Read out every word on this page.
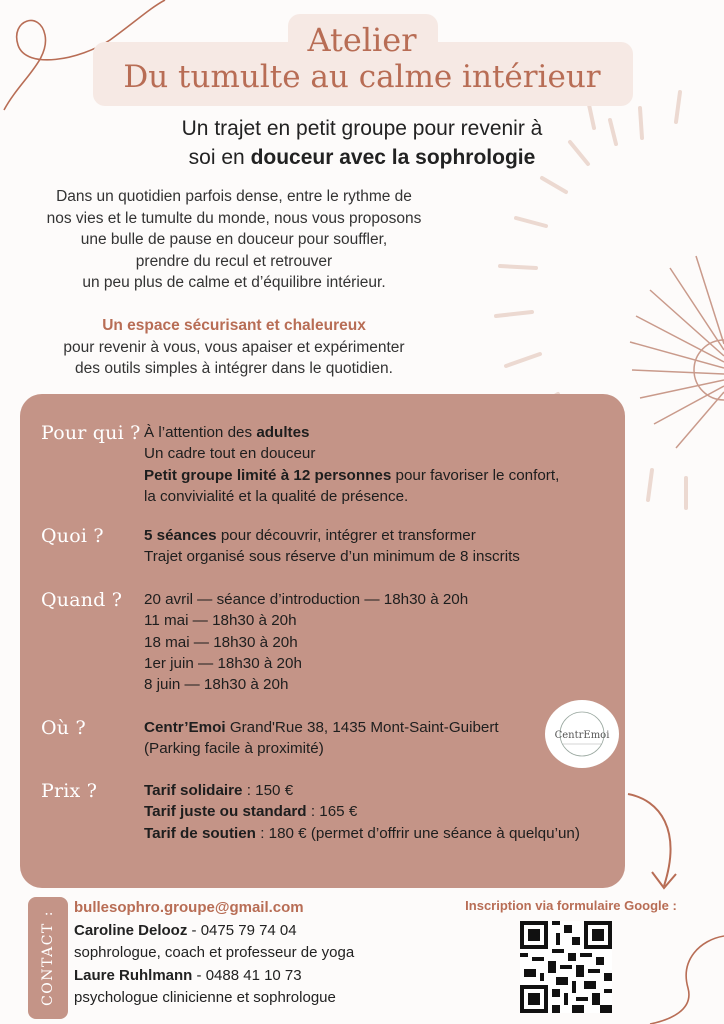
Atelier
Du tumulte au calme intérieur
Un trajet en petit groupe pour revenir à
soi en douceur avec la sophrologie

Dans un quotidien parfois dense, entre le rythme de

nos vies et le tumulte du monde, nous vous proposons

une bulle de pause en douceur pour souffler,

prendre du recul et retrouver

un peu plus de calme et d’équilibre intérieur.

Un espace sécurisant et chaleureux
pour revenir à vous, vous apaiser et expérimenter
des outils simples à intégrer dans le quotidien.
Pour qui ? À l’attention des adultes
Un cadre tout en douceur
Petit groupe limité à 12 personnes pour favoriser le confort,
la convivialité et la qualité de présence.
Quoi ?	5 séances pour découvrir, intégrer et transformer
Trajet organisé sous réserve d’un minimum de 8 inscrits
Quand ? 20 avril — séance d’introduction — 18h30 à 20h
11 mai — 18h30 à 20h
18 mai — 18h30 à 20h
1er juin — 18h30 à 20h
8 juin — 18h30 à 20h
Où ?	Centr’Emoi Grand'Rue 38, 1435 Mont-Saint-Guibert
(Parking facile à proximité)
Prix ?	Tarif solidaire : 150 €
Tarif juste ou standard : 165 €
Tarif de soutien : 180 € (permet d’offrir une séance à quelqu’un)
CentrEmoi
CONTACT :
bullesophro.groupe@gmail.com
Caroline Delooz - 0475 79 74 04
sophrologue, coach et professeur de yoga
Laure Ruhlmann - 0488 41 10 73
psychologue clinicienne et sophrologue
Inscription via formulaire Google :
